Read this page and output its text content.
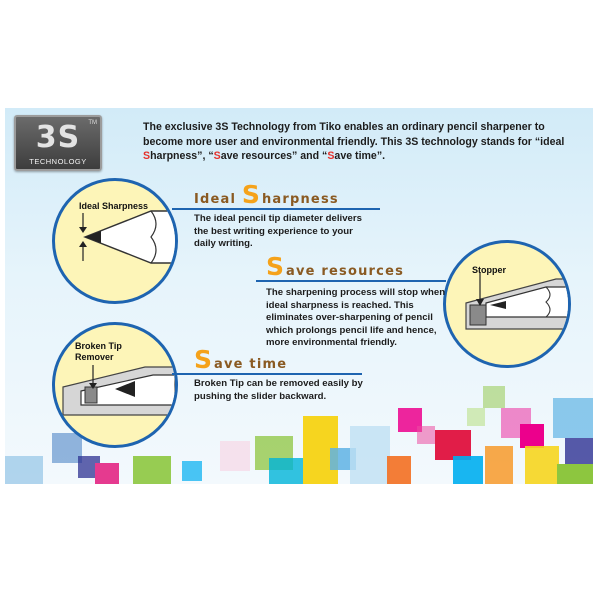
3S	TM
TECHNOLOGY
The exclusive 3S Technology from Tiko enables an ordinary pencil sharpener to become more user and environmental friendly. This 3S technology stands for “ideal Sharpness”, “Save resources” and “Save time”.
Ideal Sharpness	Ideal S harpness
The ideal pencil tip diameter delivers the best writing experience to your daily writing.
Stopper
Save resources
The sharpening process will stop when ideal sharpness is reached. This eliminates over-sharpening of pencil which prolongs pencil life and hence, more environmental friendly.
Broken Tip
Remover	Save time
Broken Tip can be removed easily by pushing the slider backward.
